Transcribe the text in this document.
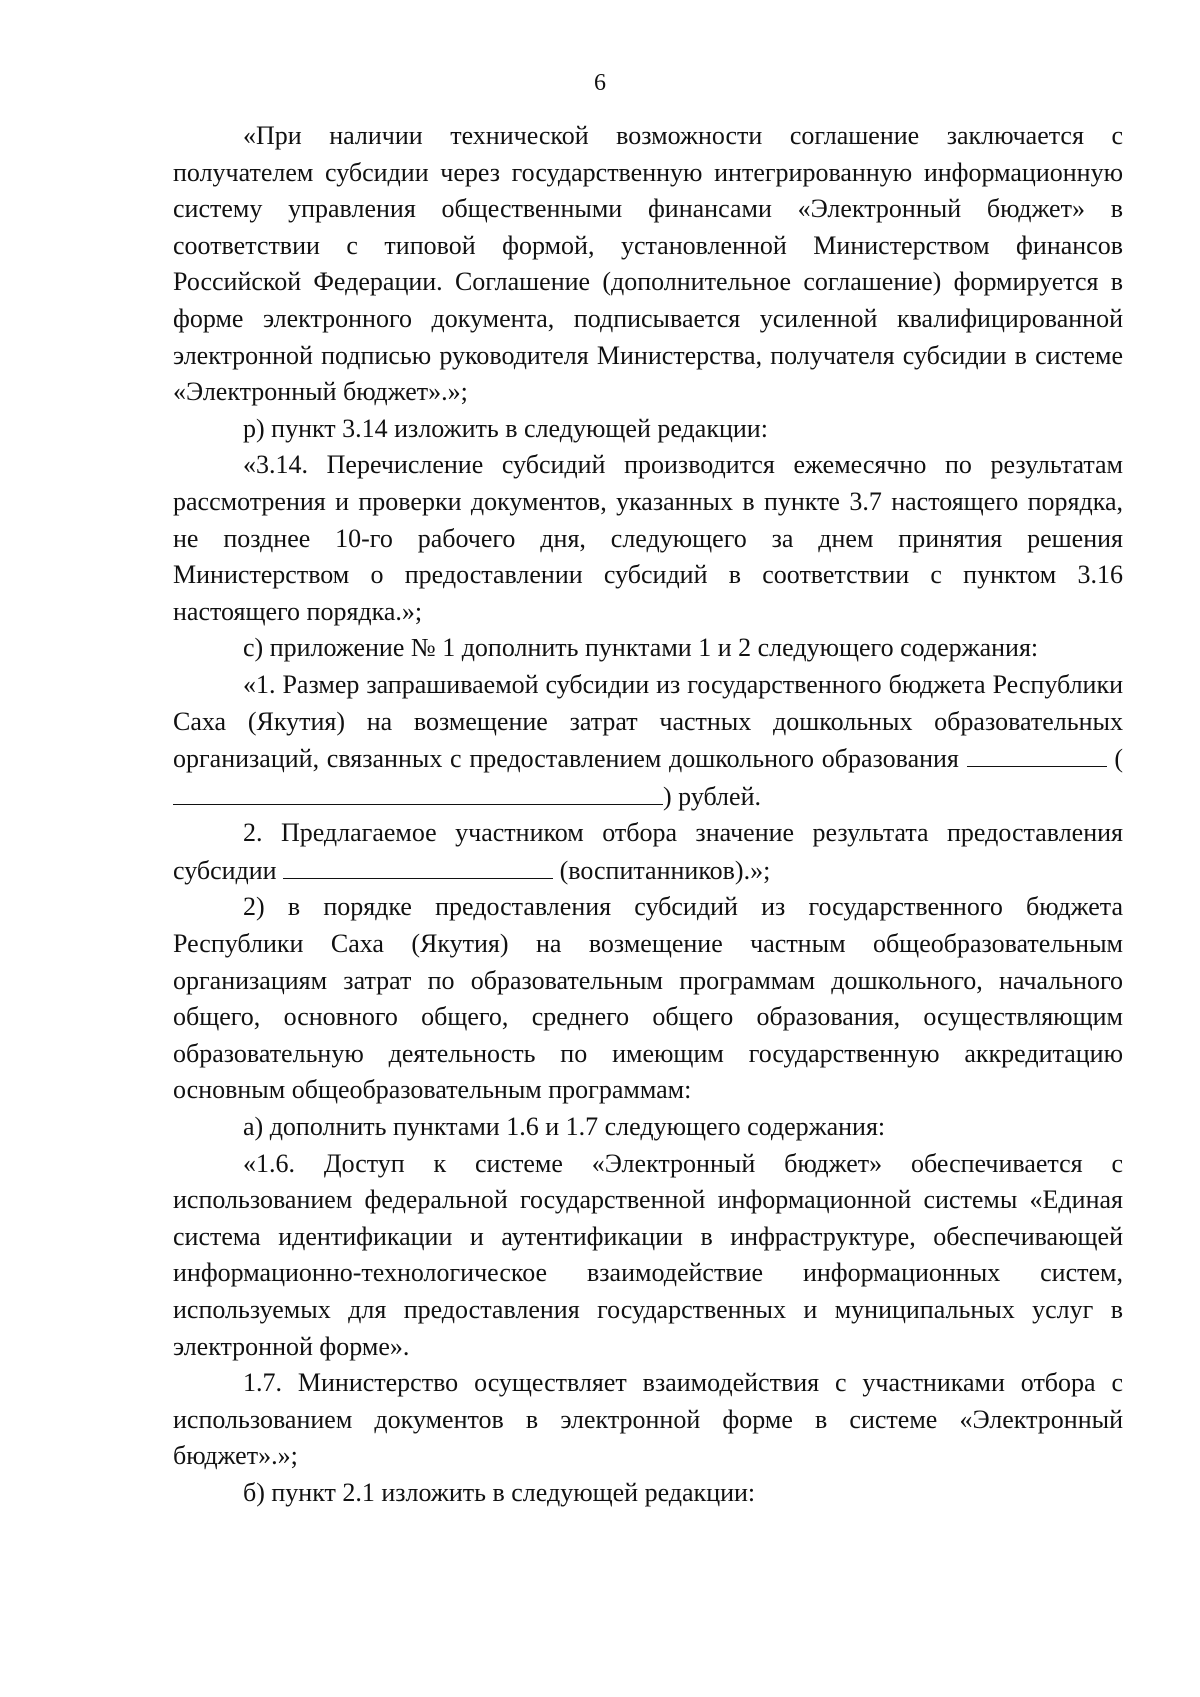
6

«При наличии технической возможности соглашение заключается с получателем субсидии через государственную интегрированную информационную систему управления общественными финансами «Электронный бюджет» в соответствии с типовой формой, установленной Министерством финансов Российской Федерации. Соглашение (дополнительное соглашение) формируется в форме электронного документа, подписывается усиленной квалифицированной электронной подписью руководителя Министерства, получателя субсидии в системе «Электронный бюджет».»;

р) пункт 3.14 изложить в следующей редакции:

«3.14. Перечисление субсидий производится ежемесячно по результатам рассмотрения и проверки документов, указанных в пункте 3.7 настоящего порядка, не позднее 10-го рабочего дня, следующего за днем принятия решения Министерством о предоставлении субсидий в соответствии с пунктом 3.16 настоящего порядка.»;

с) приложение № 1 дополнить пунктами 1 и 2 следующего содержания:

«1. Размер запрашиваемой субсидии из государственного бюджета Республики Саха (Якутия) на возмещение затрат частных дошкольных образовательных организаций, связанных с предоставлением дошкольного образования	() рублей.

2. Предлагаемое участником отбора значение результата предоставления субсидии	(воспитанников).»;

2) в порядке предоставления субсидий из государственного бюджета Республики Саха (Якутия) на возмещение частным общеобразовательным организациям затрат по образовательным программам дошкольного, начального общего, основного общего, среднего общего образования, осуществляющим образовательную деятельность по имеющим государственную аккредитацию основным общеобразовательным программам:

а) дополнить пунктами 1.6 и 1.7 следующего содержания:

«1.6. Доступ к системе «Электронный бюджет» обеспечивается с использованием федеральной государственной информационной системы «Единая система идентификации и аутентификации в инфраструктуре, обеспечивающей информационно-технологическое взаимодействие информационных систем, используемых для предоставления государственных и муниципальных услуг в электронной форме».

1.7. Министерство осуществляет взаимодействия с участниками отбора с использованием документов в электронной форме в системе «Электронный бюджет».»;

б) пункт 2.1 изложить в следующей редакции:
